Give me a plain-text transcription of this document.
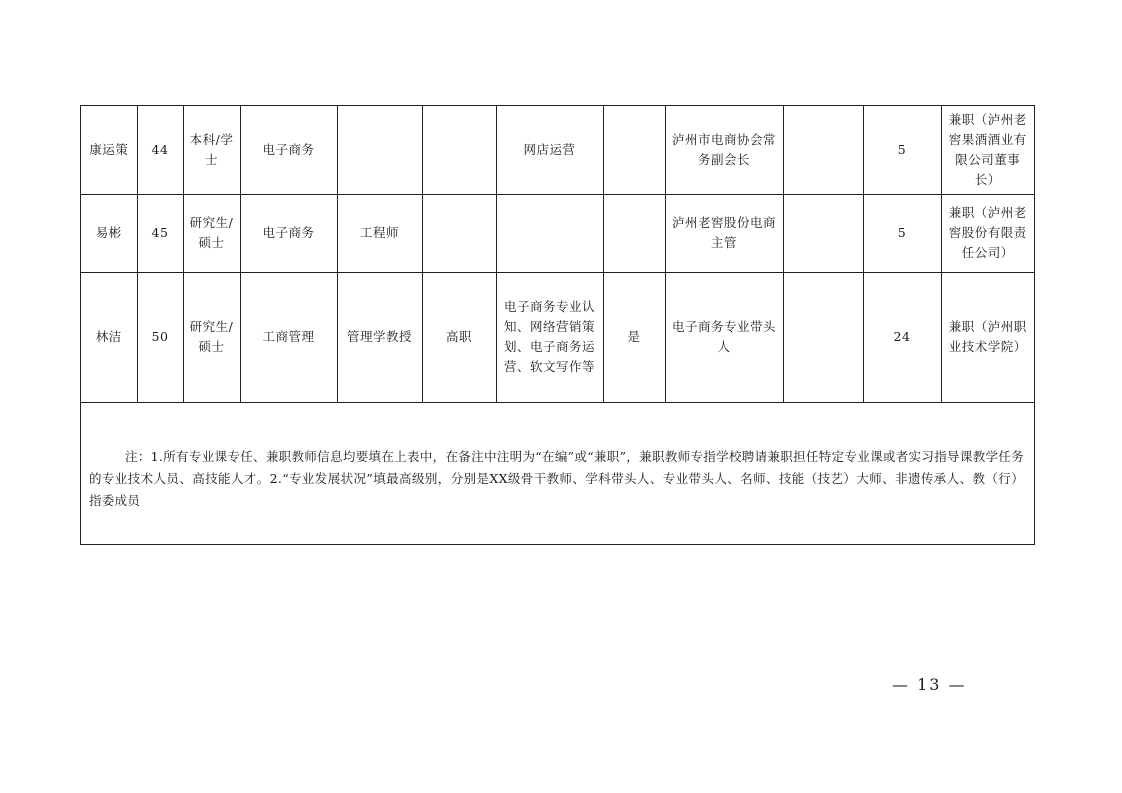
康运策	44	本科/学士	电子商务			网店运营		泸州市电商协会常务副会长		5	兼职（泸州老窖果酒酒业有限公司董事长）
易彬	45	研究生/硕士	电子商务	工程师				泸州老窖股份电商主管		5	兼职（泸州老窖股份有限责任公司）
林洁	50	研究生/硕士	工商管理	管理学教授	高职	电子商务专业认知、网络营销策划、电子商务运营、软文写作等	是	电子商务专业带头人		24	兼职（泸州职业技术学院）
注：1.所有专业课专任、兼职教师信息均要填在上表中，在备注中注明为“在编”或“兼职”，兼职教师专指学校聘请兼职担任特定专业课或者实习指导课教学任务的专业技术人员、高技能人才。2.“专业发展状况”填最高级别，分别是XX级骨干教师、学科带头人、专业带头人、名师、技能（技艺）大师、非遗传承人、教（行）指委成员
— 13 —
